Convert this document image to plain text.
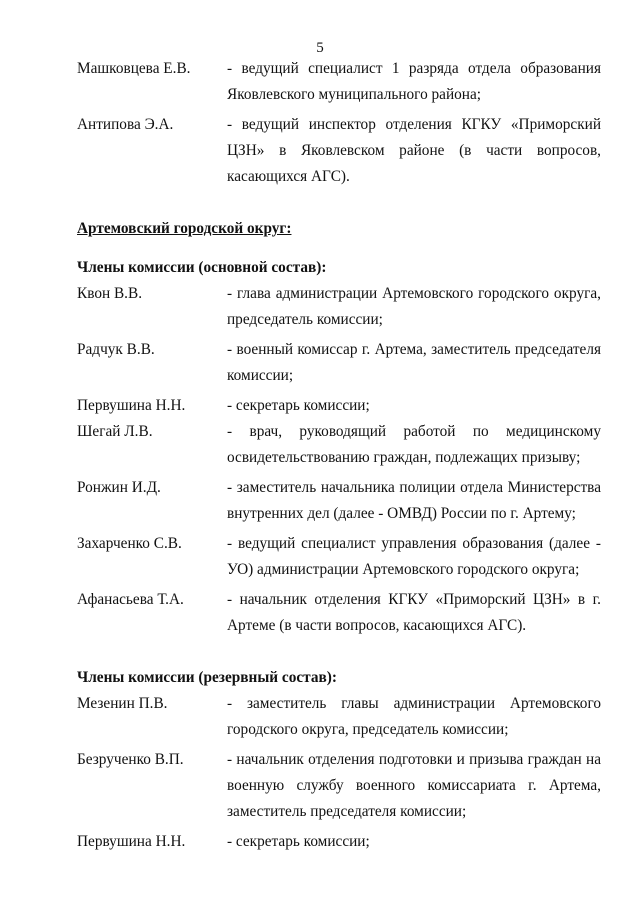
5
Машковцева Е.В.	- ведущий специалист 1 разряда отдела образования Яковлевского муниципального района;
Антипова Э.А.	- ведущий инспектор отделения КГКУ «Приморский ЦЗН» в Яковлевском районе (в части вопросов, касающихся АГС).
Артемовский городской округ:
Члены комиссии (основной состав):
Квон В.В.	- глава администрации Артемовского городского округа, председатель комиссии;
Радчук В.В.	- военный комиссар г. Артема, заместитель председателя комиссии;
Первушина Н.Н.	- секретарь комиссии;
Шегай Л.В.	- врач, руководящий работой по медицинскому освидетельствованию граждан, подлежащих призыву;
Ронжин И.Д.	- заместитель начальника полиции отдела Министерства внутренних дел (далее - ОМВД) России по г. Артему;
Захарченко С.В.	- ведущий специалист управления образования (далее - УО) администрации Артемовского городского округа;
Афанасьева Т.А.	- начальник отделения КГКУ «Приморский ЦЗН» в г. Артеме (в части вопросов, касающихся АГС).
Члены комиссии (резервный состав):
Мезенин П.В.	- заместитель главы администрации Артемовского городского округа, председатель комиссии;
Безрученко В.П.	- начальник отделения подготовки и призыва граждан на военную службу военного комиссариата г. Артема, заместитель председателя комиссии;
Первушина Н.Н.	- секретарь комиссии;
